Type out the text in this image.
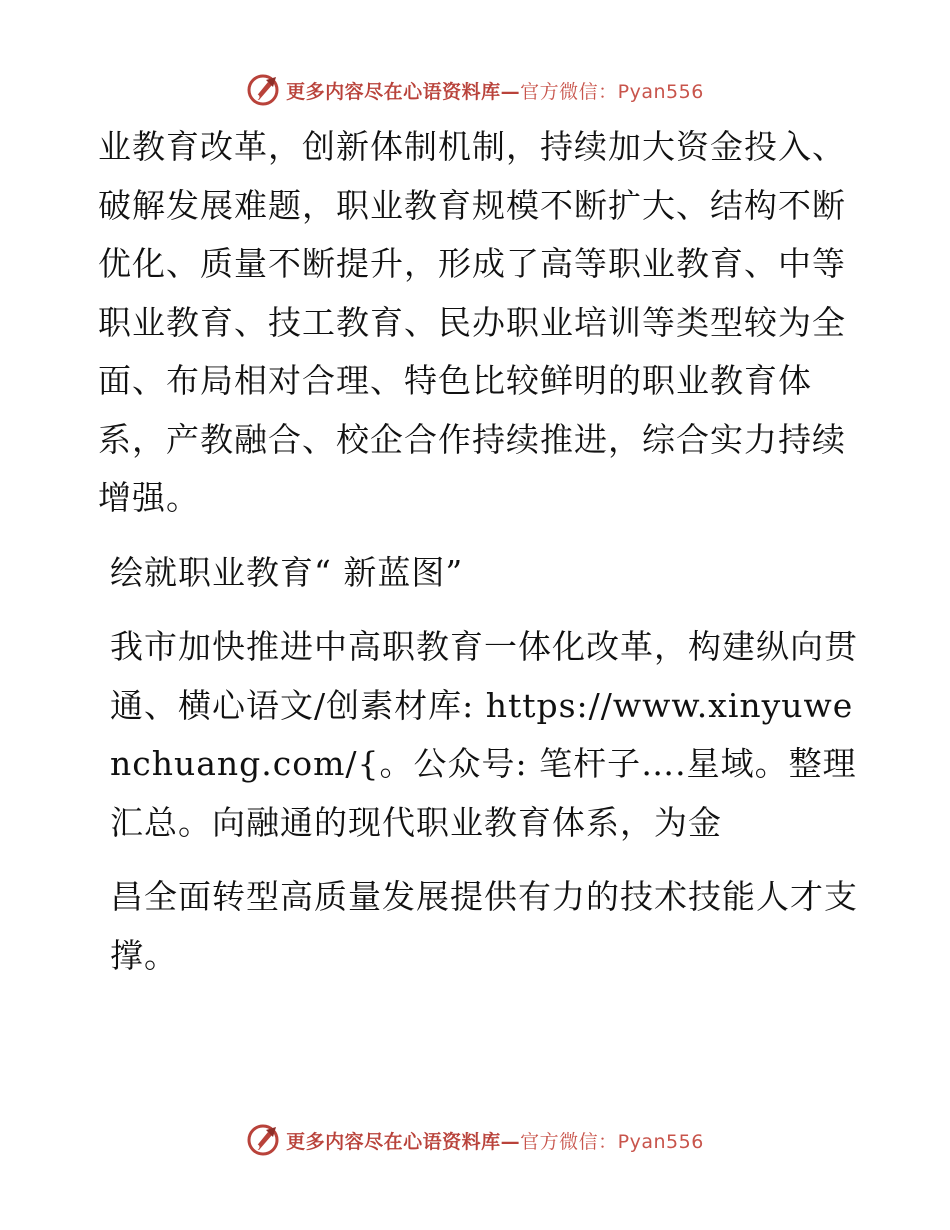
更多内容尽在心语资料库—官方微信：Pyan556

业教育改革，创新体制机制，持续加大资金投入、破解发展难题，职业教育规模不断扩大、结构不断优化、质量不断提升，形成了高等职业教育、中等职业教育、技工教育、民办职业培训等类型较为全面、布局相对合理、特色比较鲜明的职业教育体系，产教融合、校企合作持续推进，综合实力持续增强。

绘就职业教育“ 新蓝图”

我市加快推进中高职教育一体化改革，构建纵向贯通、横心语文/创素材库: https://www.xinyuwenchuang.com/{。公众号: 笔杆子….星域。整理汇总。向融通的现代职业教育体系，为金

昌全面转型高质量发展提供有力的技术技能人才支撑。

更多内容尽在心语资料库—官方微信：Pyan556
